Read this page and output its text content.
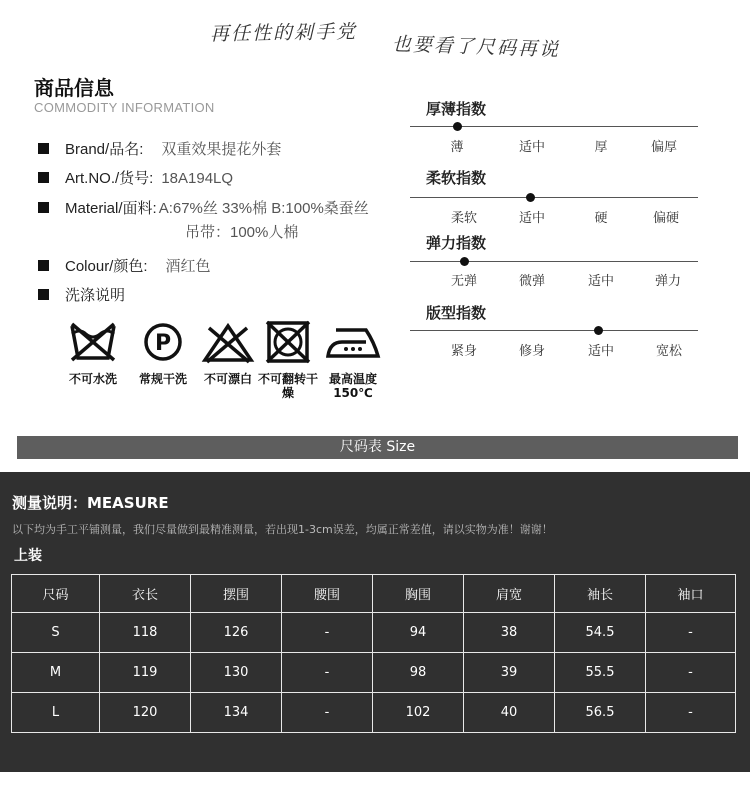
再任性的剁手党
也要看了尺码再说
商品信息
COMMODITY INFORMATION
Brand/品名: 双重效果提花外套
Art.NO./货号: 18A194LQ
Material/面料: A:67%丝 33%棉 B:100%桑蚕丝
吊带：100%人棉
Colour/颜色: 酒红色
洗涤说明
不可水洗
P
常规干洗	不可漂白 不可翻转干燥
最高温度150℃
厚薄指数
薄	适中	厚	偏厚
柔软指数
柔软	适中	硬	偏硬
弹力指数
无弹	微弹	适中	弹力
版型指数
紧身	修身	适中	宽松
尺码表 Size
测量说明：MEASURE
以下均为手工平铺测量，我们尽量做到最精准测量，若出现1-3cm误差，均属正常差值，请以实物为准！谢谢！
上装
尺码	衣长	摆围	腰围	胸围	肩宽	袖长	袖口
S	118	126	-	94	38	54.5	-
M	119	130	-	98	39	55.5	-
L	120	134	-	102	40	56.5	-
